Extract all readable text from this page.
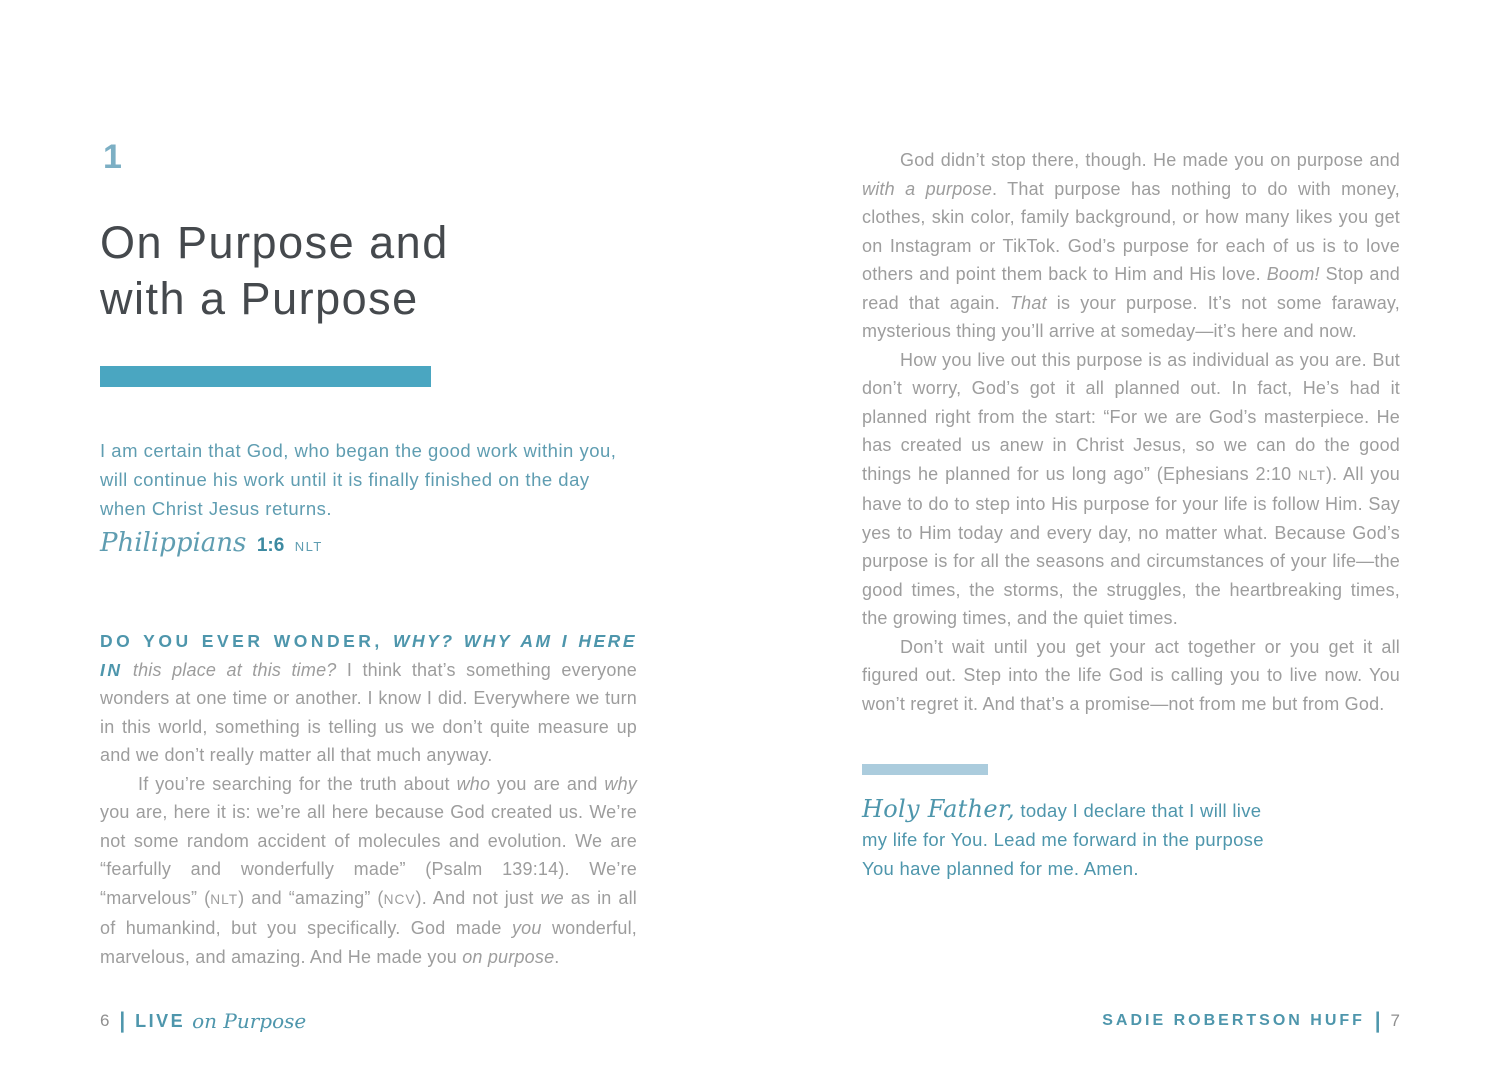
1
On Purpose and
with a Purpose

I am certain that God, who began the good work within you, will continue his work until it is finally finished on the day when Christ Jesus returns.

Philippians 1:6 NLT

DO YOU EVER WONDER, WHY? WHY AM I HERE IN this place at this time? I think that’s something everyone wonders at one time or another. I know I did. Everywhere we turn in this world, something is telling us we don’t quite measure up and we don’t really matter all that much anyway.

If you’re searching for the truth about who you are and why you are, here it is: we’re all here because God created us. We’re not some random accident of molecules and evolution. We are “fearfully and wonderfully made” (Psalm 139:14). We’re “marvelous” (NLT) and “amazing” (NCV). And not just we as in all of humankind, but you specifically. God made you wonderful, marvelous, and amazing. And He made you on purpose.

6 | LIVE on Purpose

God didn’t stop there, though. He made you on purpose and with a purpose. That purpose has nothing to do with money, clothes, skin color, family background, or how many likes you get on Instagram or TikTok. God’s purpose for each of us is to love others and point them back to Him and His love. Boom! Stop and read that again. That is your purpose. It’s not some faraway, mysterious thing you’ll arrive at someday—it’s here and now.

How you live out this purpose is as individual as you are. But don’t worry, God’s got it all planned out. In fact, He’s had it planned right from the start: “For we are God’s masterpiece. He has created us anew in Christ Jesus, so we can do the good things he planned for us long ago” (Ephesians 2:10 NLT). All you have to do to step into His purpose for your life is follow Him. Say yes to Him today and every day, no matter what. Because God’s purpose is for all the seasons and circumstances of your life—the good times, the storms, the struggles, the heartbreaking times, the growing times, and the quiet times.

Don’t wait until you get your act together or you get it all figured out. Step into the life God is calling you to live now. You won’t regret it. And that’s a promise—not from me but from God.

Holy Father, today I declare that I will live my life for You. Lead me forward in the purpose You have planned for me. Amen.

SADIE ROBERTSON HUFF | 7
